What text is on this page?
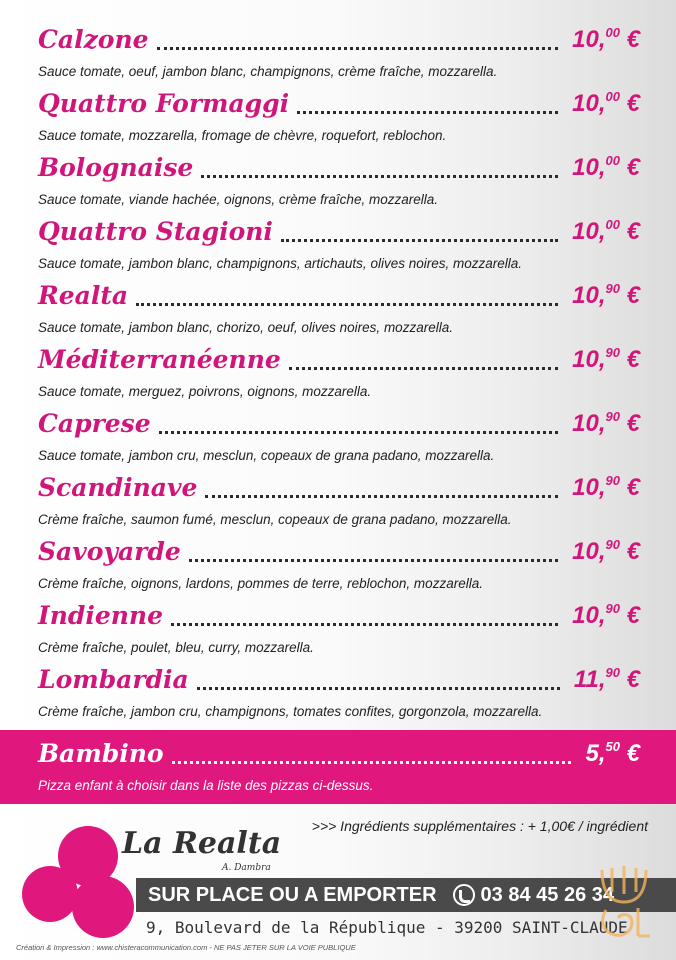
Calzone	10,00 €
Sauce tomate, oeuf, jambon blanc, champignons, crème fraîche, mozzarella.
Quattro Formaggi	10,00 €
Sauce tomate, mozzarella, fromage de chèvre, roquefort, reblochon.
Bolognaise	10,00 €
Sauce tomate, viande hachée, oignons, crème fraîche, mozzarella.
Quattro Stagioni	10,00 €
Sauce tomate, jambon blanc, champignons, artichauts, olives noires, mozzarella.
Realta	10,90 €
Sauce tomate, jambon blanc, chorizo, oeuf, olives noires, mozzarella.
Méditerranéenne	10,90 €
Sauce tomate, merguez, poivrons, oignons, mozzarella.
Caprese	10,90 €
Sauce tomate, jambon cru, mesclun, copeaux de grana padano, mozzarella.
Scandinave	10,90 €
Crème fraîche, saumon fumé, mesclun, copeaux de grana padano, mozzarella.
Savoyarde	10,90 €
Crème fraîche, oignons, lardons, pommes de terre, reblochon, mozzarella.
Indienne	10,90 €
Crème fraîche, poulet, bleu, curry, mozzarella.
Lombardia	11,90 €
Crème fraîche, jambon cru, champignons, tomates confites, gorgonzola, mozzarella.
Bambino	5,50 €
Pizza enfant à choisir dans la liste des pizzas ci-dessus.
>>> Ingrédients supplémentaires : + 1,00€ / ingrédient
La Realta
A. Dambra
SUR PLACE OU A EMPORTER 03 84 45 26 34
9, Boulevard de la République - 39200 SAINT-CLAUDE
Création & Impression : www.chisteracommunication.com - NE PAS JETER SUR LA VOIE PUBLIQUE
